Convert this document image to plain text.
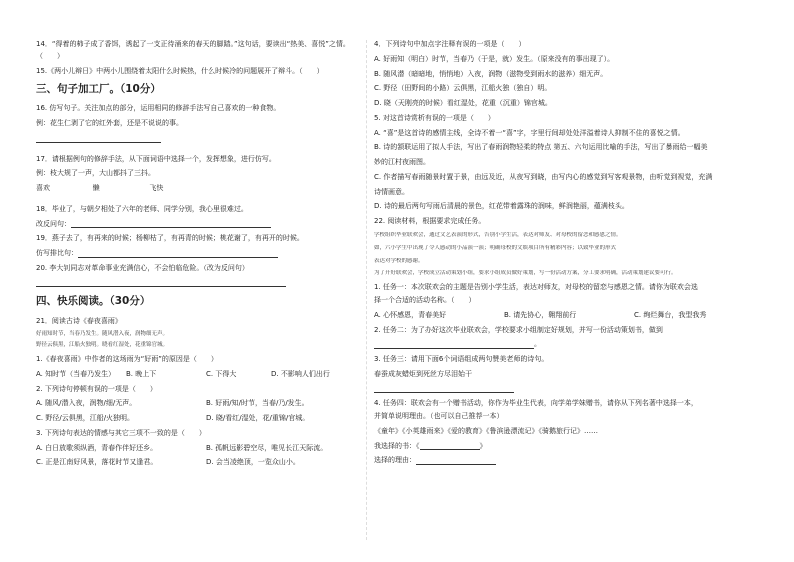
14．“得着的柿子成了香饵，诱起了一支正待涌来的春天的脚踏。”这句话，要读出“热美、喜悦”之情。
（　　）
15.《两小儿辩日》中两小儿围绕着太阳什么时候热，什么时候冷的问题展开了辩斗。（　　）
三、句子加工厂。（10分）
16. 仿写句子。关注加点的部分，运用相同的修辞手法写自己喜欢的一种食物。
例：花生仁剥了它的红外套，还是不说说的事。
17．请根据例句的修辞手法，从下面词语中选择一个，发挥想象，进行仿写。
例：枝大规了一声，大山都抖了三抖。
喜欢	懒	飞快
18．毕业了，与朝夕相处了六年的老师、同学分别，我心里很难过。
改反问句：
19．燕子去了，有再来的时候；杨柳枯了，有再青的时候；桃花谢了，有再开的时候。
仿写排比句：
20. 李大钊同志对革命事业充满信心，不会怕临危险。（改为反问句）
四、快乐阅读。（30分）
21．阅读古诗《春夜喜雨》
好雨知时节，当春乃发生。随风潜入夜，润物细无声。
野径云俱黑，江船火独明。晓看红湿处，花重锦官城。
1.《春夜喜雨》中作者的这场雨为“好雨”的原因是（　　）
A. 知时节（当春乃发生）	B. 晚上下	C. 下得大	D. 不影响人们出行
2. 下列诗句停顿有误的一项是（　　）
A. 随风/潜入夜，润物/细/无声。	B. 好雨/知/时节，当春/乃/发生。
C. 野径/云俱黑，江船/火独明。	D. 晓/看红/湿处，花/重锦/官城。
3. 下列诗句表达的情感与其它三项不一致的是（　　）
A. 白日放歌须纵酒，青春作伴好还乡。	B. 孤帆远影碧空尽，唯见长江天际流。
C. 正是江南好风景，落花时节又逢君。	D. 会当凌绝顶，一览众山小。
4．下列诗句中加点字注释有误的一项是（　　）
A. 好雨知（明白）时节，当春乃（于是，就）发生。（原来没有的事出现了）。
B. 随风潜（暗暗地，悄悄地）入夜，润物（滋物受到雨水的滋养）细无声。
C. 野径（田野间的小路）云俱黑，江船火独（独自）明。
D. 晓（天刚亮的时候）看红湿处，花重（沉重）锦官城。
5. 对这首诗赏析有误的一项是（　　）
A. “喜”是这首诗的感情主线，全诗不着一“喜”字，字里行间却处处洋溢着诗人抑制不住的喜悦之情。
B. 诗的颔联运用了拟人手法，写出了春雨润物轻柔的特点 第五、六句运用比喻的手法，写出了暴雨给一幅美
妙的江村夜雨图。
C. 作者描写春雨随景时置于景，由远及近，从夜写到晓，由写内心的感觉到写客观景物，由听觉到视觉，充满
诗情画意。
D. 诗的最后两句写雨后清晨的景色，红花带着露珠的润味，鲜润艳丽，蕴满枝头。
22. 阅读材料，根据要求完成任务。
学校组织毕业联欢会，通过文艺表演的形式，告别小学生活，表达对师友、对母校的留恋和感恩之情。
如，六小学生中出现了令人感动的小品演一演；明确母校的文娱项目所有精彩内容；以致毕业的形式
表达对学校的感谢。
为了开好联欢会，学校成立活动策划小组，要求小组成员做好策划，写一份活动方案，分工要求明确，活动策划建议要可行。
1. 任务一：本次联欢会的主题是告别小学生活，表达对师友，对母校的留恋与感恩之情。请你为联欢会选
择一个合适的活动名称。（　　）
A. 心怀感恩，青春美好	B. 请先协心，翱翔前行	C. 绚烂舞台，我型我秀
2. 任务二：为了办好这次毕业联欢会，学校要求小组制定好规划，并写一份活动策划书，做到
。
3. 任务三：请用下面6个词语组成两句赞美老师的诗句。
春蚕成灰蜡炬到死丝方尽泪始干
4. 任务四：联欢会有一个赠书活动，你作为毕业生代表，向学弟学妹赠书，请你从下列名著中选择一本，
并简单说明理由。（也可以自己推荐一本）
《童年》《小英雄雨来》《爱的教育》《鲁滨逊漂流记》《骑鹅旅行记》……
我选择的书：《	》
选择的理由：
